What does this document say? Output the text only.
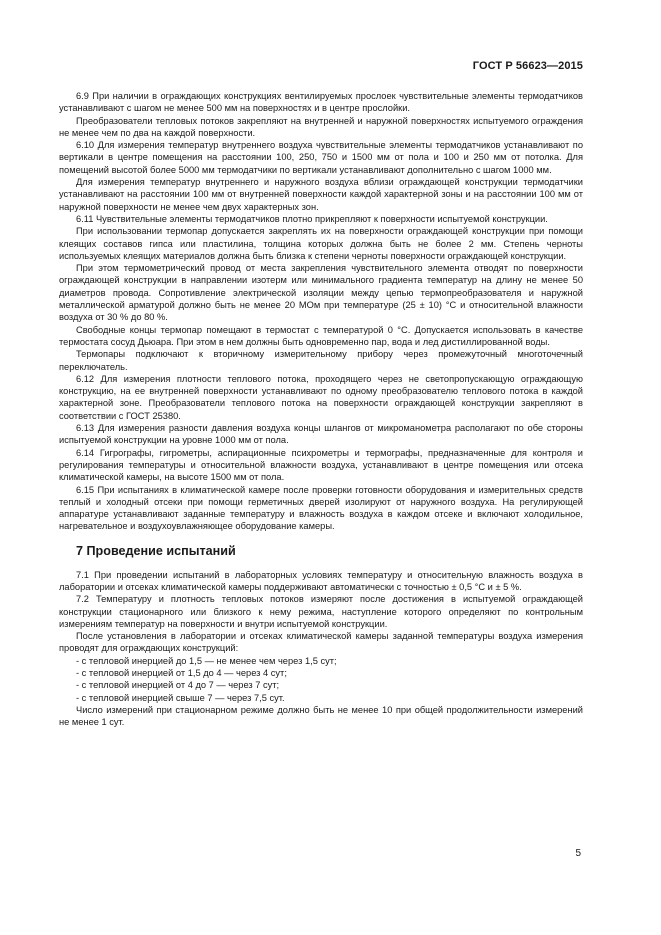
ГОСТ Р 56623—2015

6.9 При наличии в ограждающих конструкциях вентилируемых прослоек чувствительные элементы термодатчиков устанавливают с шагом не менее 500 мм на поверхностях и в центре прослойки.

Преобразователи тепловых потоков закрепляют на внутренней и наружной поверхностях испытуемого ограждения не менее чем по два на каждой поверхности.

6.10 Для измерения температур внутреннего воздуха чувствительные элементы термодатчиков устанавливают по вертикали в центре помещения на расстоянии 100, 250, 750 и 1500 мм от пола и 100 и 250 мм от потолка. Для помещений высотой более 5000 мм термодатчики по вертикали устанавливают дополнительно с шагом 1000 мм.

Для измерения температур внутреннего и наружного воздуха вблизи ограждающей конструкции термодатчики устанавливают на расстоянии 100 мм от внутренней поверхности каждой характерной зоны и на расстоянии 100 мм от наружной поверхности не менее чем двух характерных зон.

6.11 Чувствительные элементы термодатчиков плотно прикрепляют к поверхности испытуемой конструкции.

При использовании термопар допускается закреплять их на поверхности ограждающей конструкции при помощи клеящих составов гипса или пластилина, толщина которых должна быть не более 2 мм. Степень черноты используемых клеящих материалов должна быть близка к степени черноты поверхности ограждающей конструкции.

При этом термометрический провод от места закрепления чувствительного элемента отводят по поверхности ограждающей конструкции в направлении изотерм или минимального градиента температур на длину не менее 50 диаметров провода. Сопротивление электрической изоляции между цепью термопреобразователя и наружной металлической арматурой должно быть не менее 20 МОм при температуре (25 ± 10) °С и относительной влажности воздуха от 30 % до 80 %.

Свободные концы термопар помещают в термостат с температурой 0 °С. Допускается использовать в качестве термостата сосуд Дьюара. При этом в нем должны быть одновременно пар, вода и лед дистиллированной воды.

Термопары подключают к вторичному измерительному прибору через промежуточный многоточечный переключатель.

6.12 Для измерения плотности теплового потока, проходящего через не светопропускающую ограждающую конструкцию, на ее внутренней поверхности устанавливают по одному преобразователю теплового потока в каждой характерной зоне. Преобразователи теплового потока на поверхности ограждающей конструкции закрепляют в соответствии с ГОСТ 25380.

6.13 Для измерения разности давления воздуха концы шлангов от микроманометра располагают по обе стороны испытуемой конструкции на уровне 1000 мм от пола.

6.14 Гигрографы, гигрометры, аспирационные психрометры и термографы, предназначенные для контроля и регулирования температуры и относительной влажности воздуха, устанавливают в центре помещения или отсека климатической камеры, на высоте 1500 мм от пола.

6.15 При испытаниях в климатической камере после проверки готовности оборудования и измерительных средств теплый и холодный отсеки при помощи герметичных дверей изолируют от наружного воздуха. На регулирующей аппаратуре устанавливают заданные температуру и влажность воздуха в каждом отсеке и включают холодильное, нагревательное и воздухоувлажняющее оборудование камеры.

7 Проведение испытаний

7.1 При проведении испытаний в лабораторных условиях температуру и относительную влажность воздуха в лаборатории и отсеках климатической камеры поддерживают автоматически с точностью ± 0,5 °С и ± 5 %.

7.2 Температуру и плотность тепловых потоков измеряют после достижения в испытуемой ограждающей конструкции стационарного или близкого к нему режима, наступление которого определяют по контрольным измерениям температур на поверхности и внутри испытуемой конструкции.

После установления в лаборатории и отсеках климатической камеры заданной температуры воздуха измерения проводят для ограждающих конструкций:

- с тепловой инерцией до 1,5 — не менее чем через 1,5 сут;

- с тепловой инерцией от 1,5 до 4 — через 4 сут;

- с тепловой инерцией от 4 до 7 — через 7 сут;

- с тепловой инерцией свыше 7 — через 7,5 сут.

Число измерений при стационарном режиме должно быть не менее 10 при общей продолжительности измерений не менее 1 сут.

5
